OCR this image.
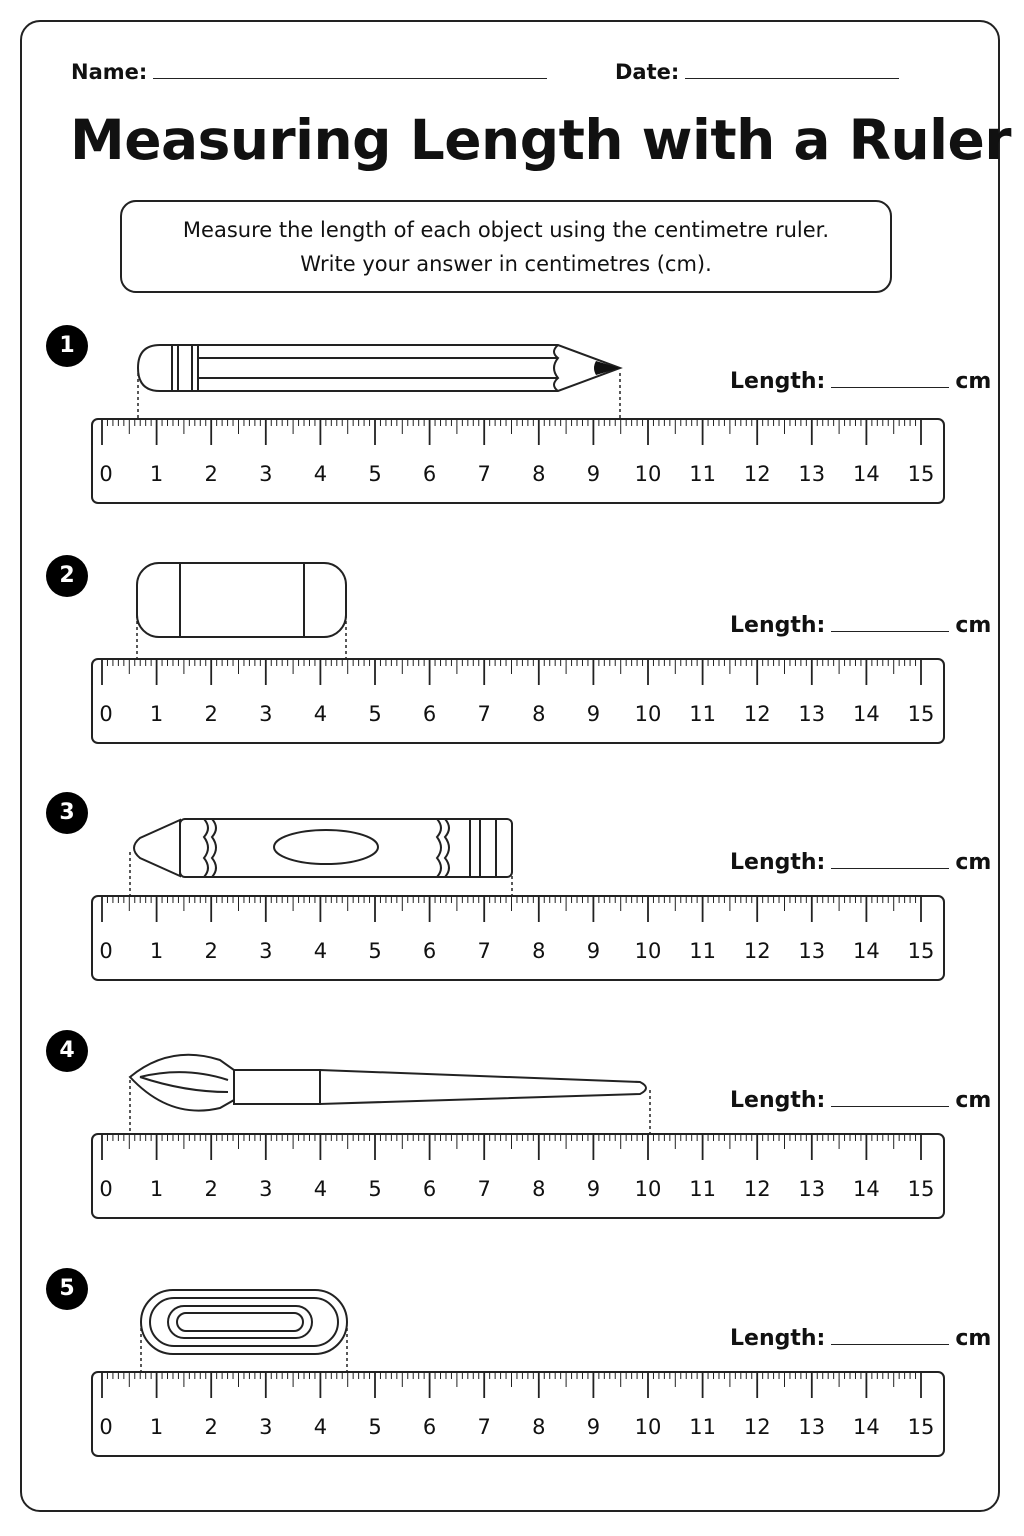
Name:	Date:
Measuring Length with a Ruler
Measure the length of each object using the centimetre ruler.
Write your answer in centimetres (cm).
1
Length:	cm
0 1 2 3 4 5 6 7 8 9 10 11 12 13 14 15
2
Length:	cm
0 1 2 3 4 5 6 7 8 9 10 11 12 13 14 15
3
Length:	cm
0 1 2 3 4 5 6 7 8 9 10 11 12 13 14 15
4
Length:	cm
0 1 2 3 4 5 6 7 8 9 10 11 12 13 14 15
5
Length:	cm
0 1 2 3 4 5 6 7 8 9 10 11 12 13 14 15
